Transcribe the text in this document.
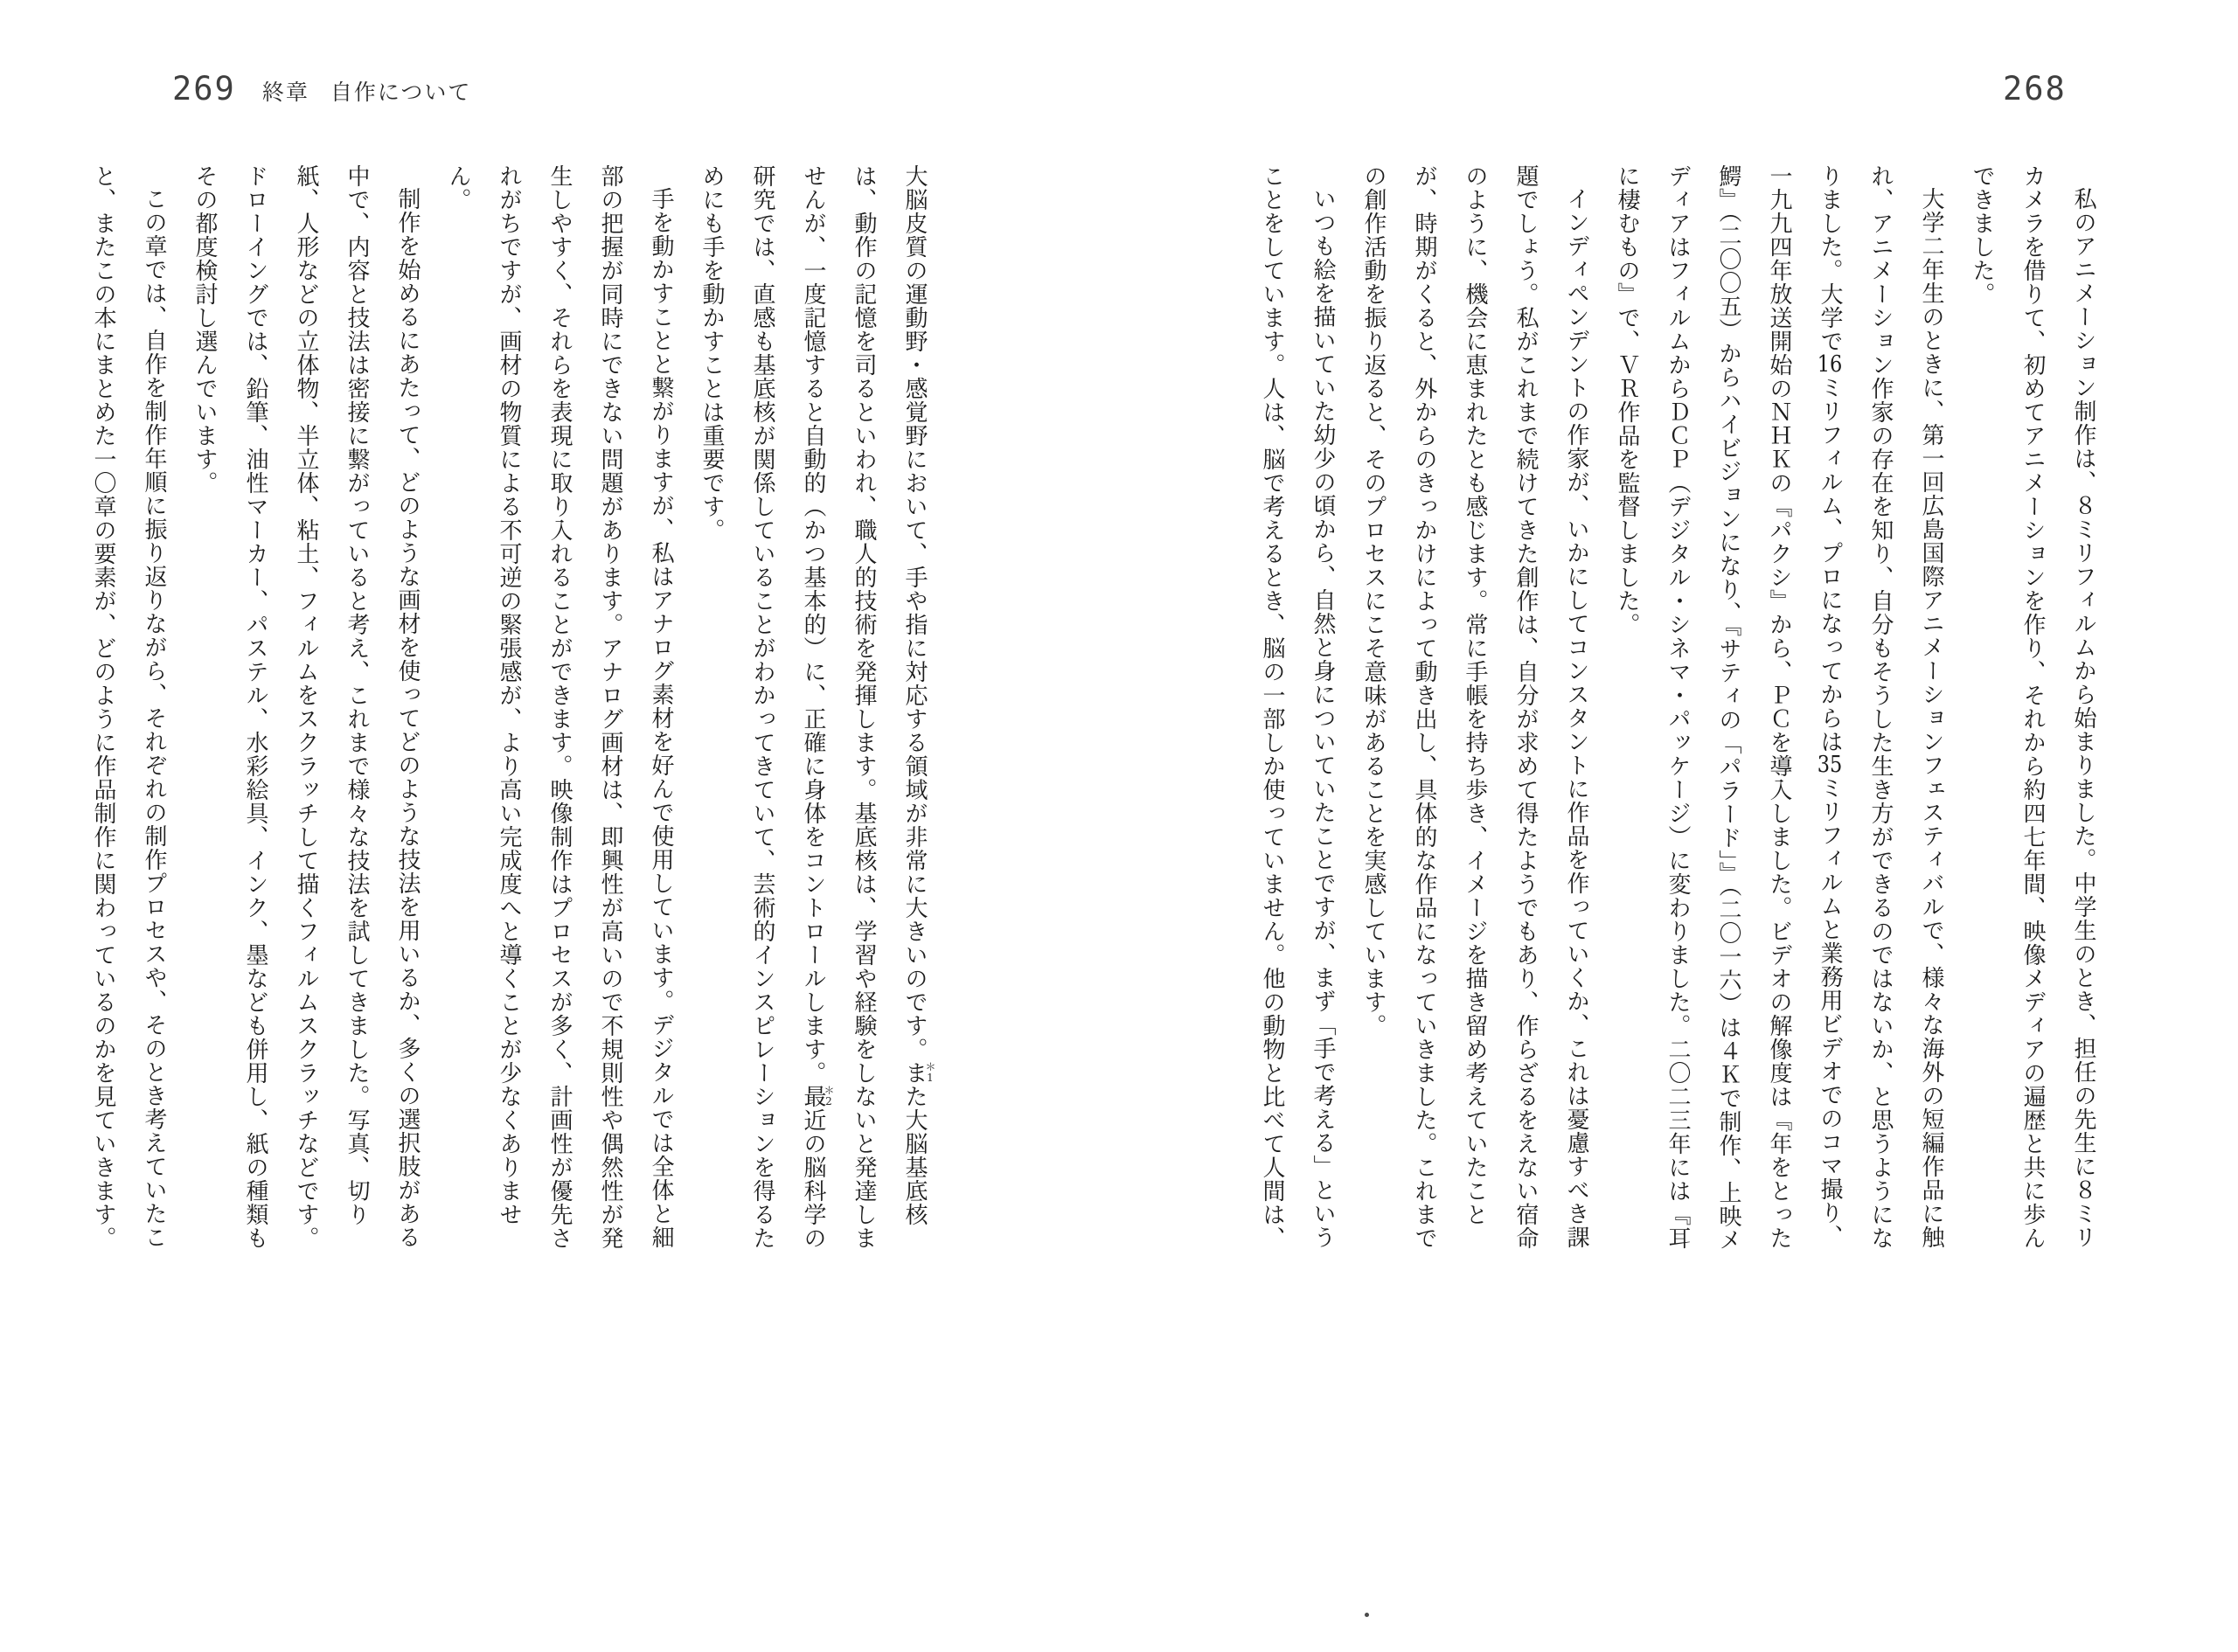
269 終章 自作について	268

私のアニメーション制作は、８ミリフィルムから始まりました。中学生のとき、担任の先生に８ミリカメラを借りて、初めてアニメーションを作り、それから約四七年間、映像メディアの遍歴と共に歩んできました。

大学二年生のときに、第一回広島国際アニメーションフェスティバルで、様々な海外の短編作品に触れ、アニメーション作家の存在を知り、自分もそうした生き方ができるのではないか、と思うようになりました。大学で16ミリフィルム、プロになってからは35ミリフィルムと業務用ビデオでのコマ撮り、一九九四年放送開始のＮＨＫの『パクシ』から、ＰＣを導入しました。ビデオの解像度は『年をとった鰐』（二〇〇五）からハイビジョンになり、『サティの「パラード」』（二〇一六）は４Ｋで制作、上映メディアはフィルムからＤＣＰ（デジタル・シネマ・パッケージ）に変わりました。二〇二三年には『耳に棲むもの』で、ＶＲ作品を監督しました。

インディペンデントの作家が、いかにしてコンスタントに作品を作っていくか、これは憂慮すべき課題でしょう。私がこれまで続けてきた創作は、自分が求めて得たようでもあり、作らざるをえない宿命のように、機会に恵まれたとも感じます。常に手帳を持ち歩き、イメージを描き留め考えていたことが、時期がくると、外からのきっかけによって動き出し、具体的な作品になっていきました。これまでの創作活動を振り返ると、そのプロセスにこそ意味があることを実感しています。

いつも絵を描いていた幼少の頃から、自然と身についていたことですが、まず「手で考える」ということをしています。人は、脳で考えるとき、脳の一部しか使っていません。他の動物と比べて人間は、

大脳皮質の運動野・感覚野において、手や指に対応する領域が非常に大きいのです。
＊1
また大脳基底核は、動作の記憶を司るといわれ、職人的技術を発揮します。基底核は、学習や経験をしないと発達しませんが、一度記憶すると自動的（かつ基本的）に、正確に身体をコントロールします。
＊2
最近の脳科学の研究では、直感も基底核が関係していることがわかってきていて、芸術的インスピレーションを得るためにも手を動かすことは重要です。

手を動かすことと繋がりますが、私はアナログ素材を好んで使用しています。デジタルでは全体と細部の把握が同時にできない問題があります。アナログ画材は、即興性が高いので不規則性や偶然性が発生しやすく、それらを表現に取り入れることができます。映像制作はプロセスが多く、計画性が優先されがちですが、画材の物質による不可逆の緊張感が、より高い完成度へと導くことが少なくありません。

制作を始めるにあたって、どのような画材を使ってどのような技法を用いるか、多くの選択肢がある中で、内容と技法は密接に繋がっていると考え、これまで様々な技法を試してきました。写真、切り紙、人形などの立体物、半立体、粘土、フィルムをスクラッチして描くフィルムスクラッチなどです。ドローイングでは、鉛筆、油性マーカー、パステル、水彩絵具、インク、墨なども併用し、紙の種類もその都度検討し選んでいます。

この章では、自作を制作年順に振り返りながら、それぞれの制作プロセスや、そのとき考えていたこと、またこの本にまとめた一〇章の要素が、どのように作品制作に関わっているのかを見ていきます。
